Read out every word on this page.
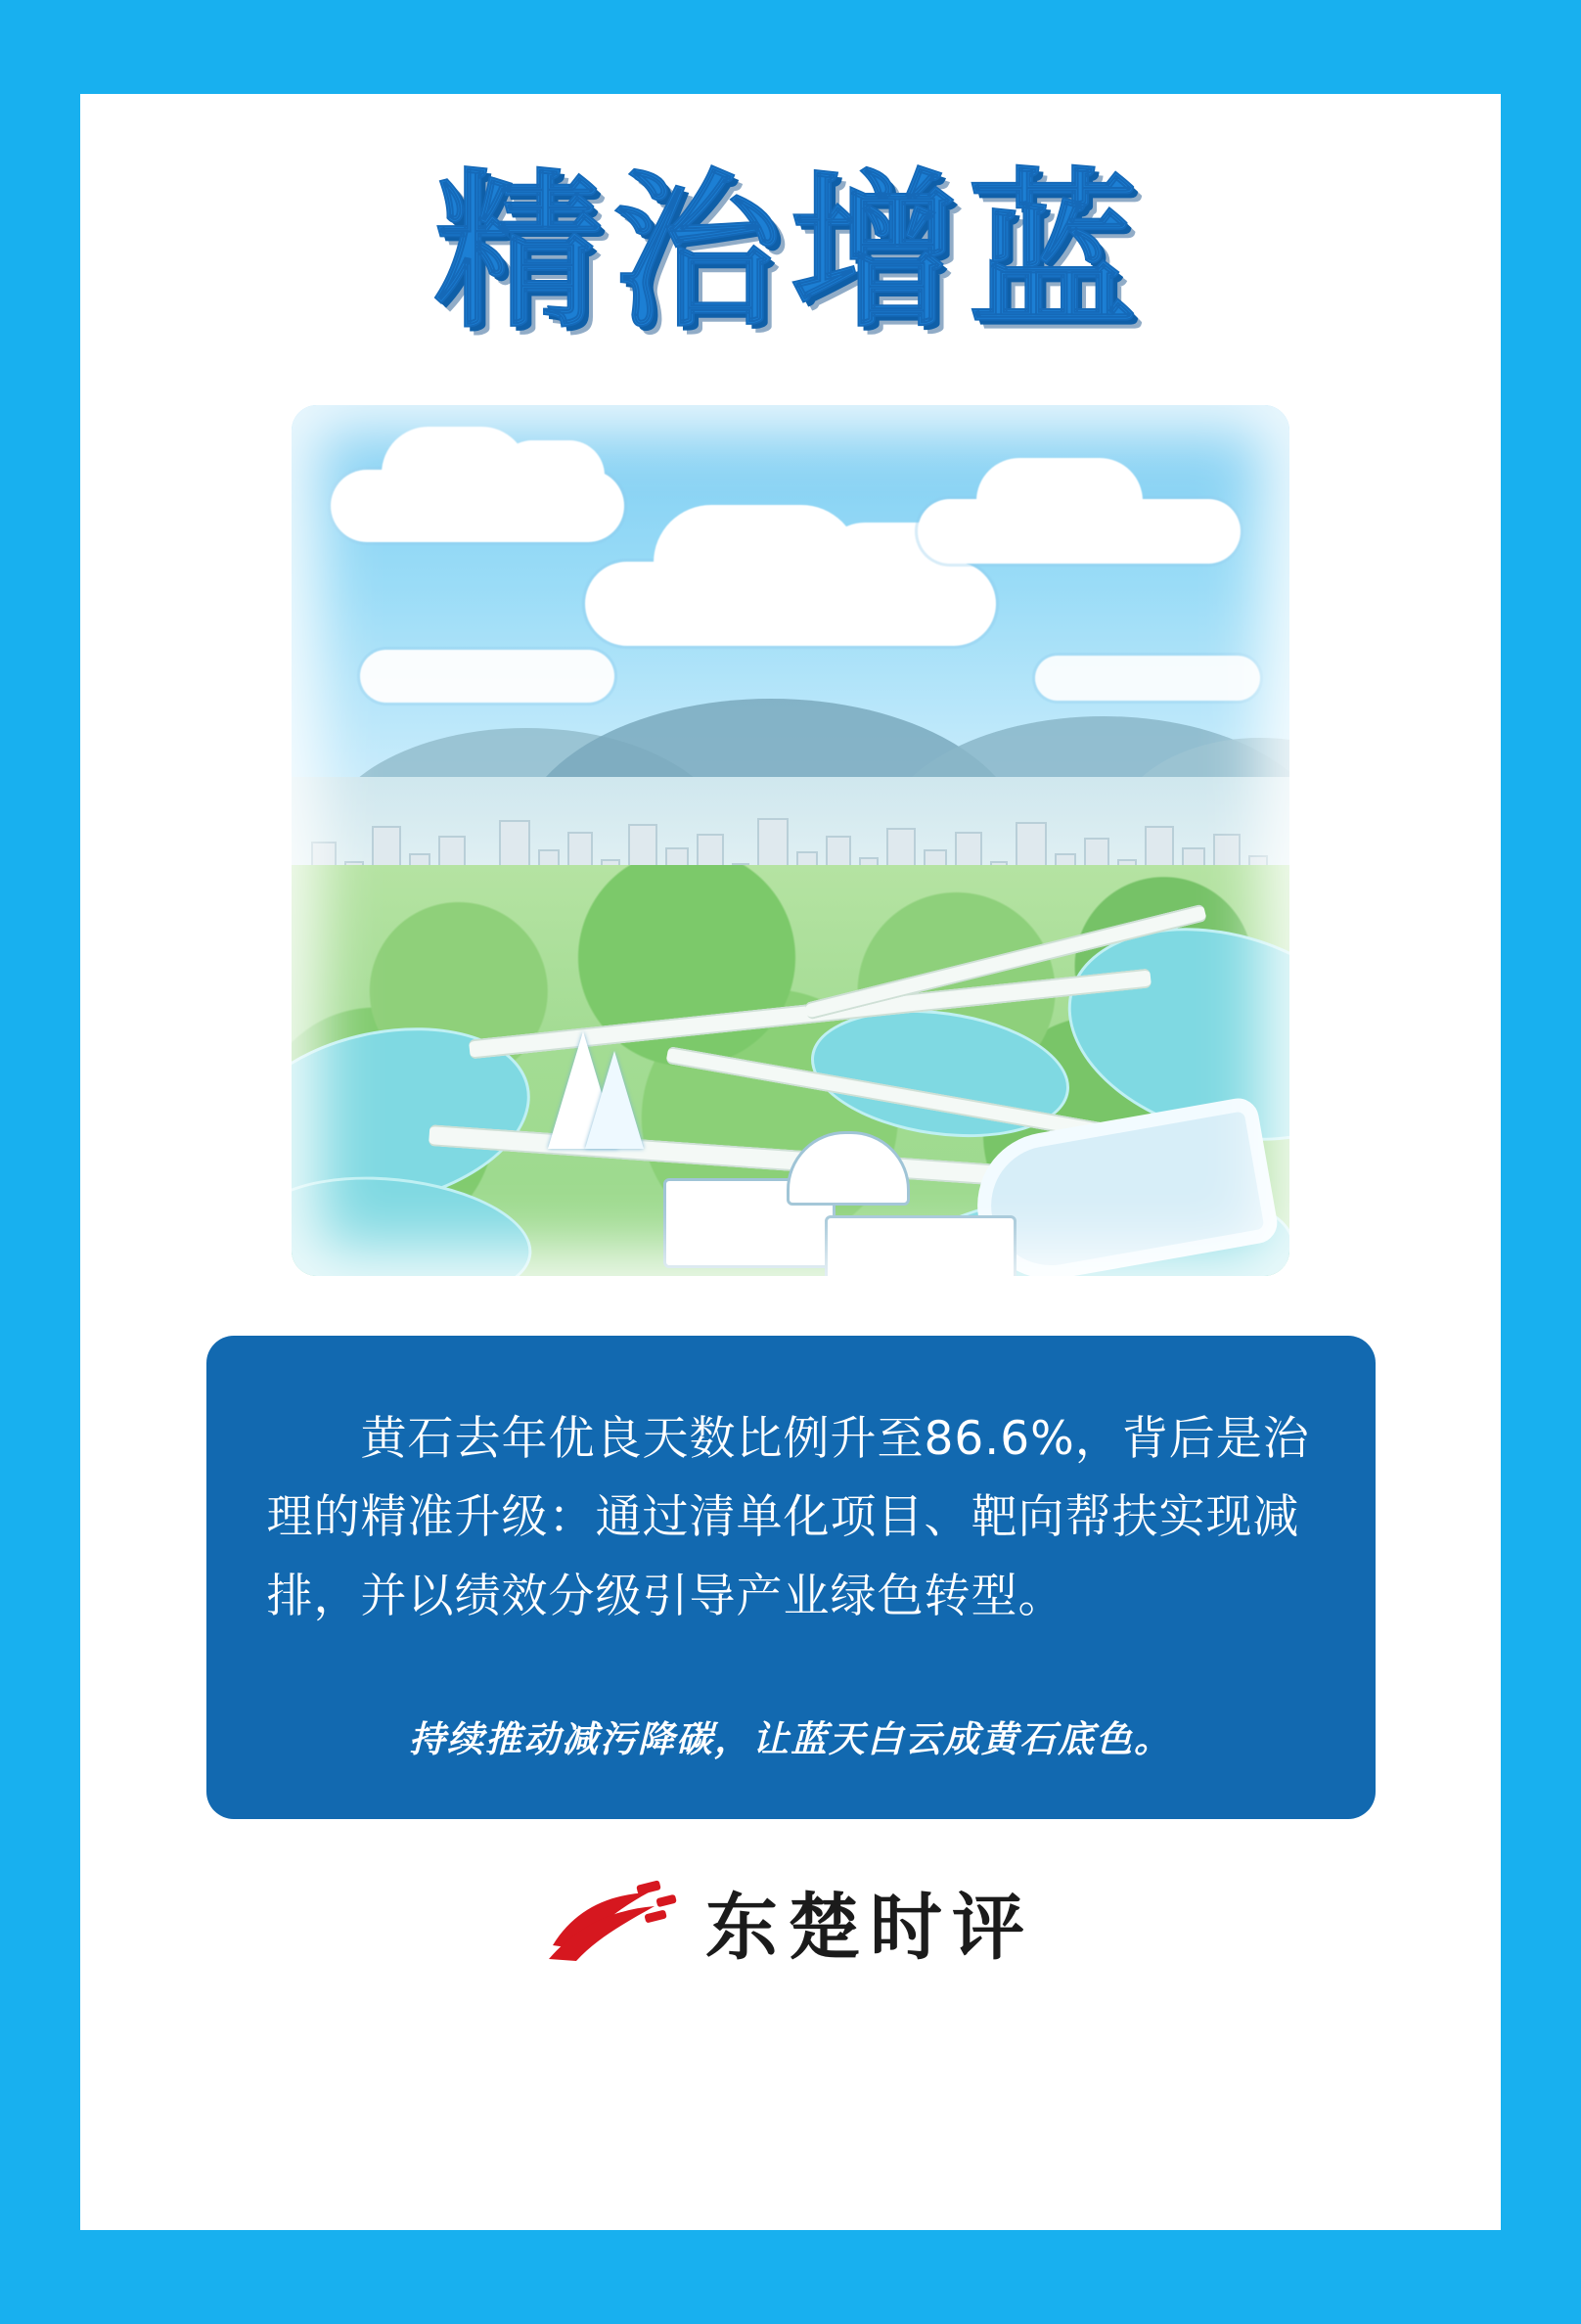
精治增蓝
黄石去年优良天数比例升至86.6%，背后是治理的精准升级：通过清单化项目、靶向帮扶实现减排，并以绩效分级引导产业绿色转型。
持续推动减污降碳，让蓝天白云成黄石底色。
东楚时评
